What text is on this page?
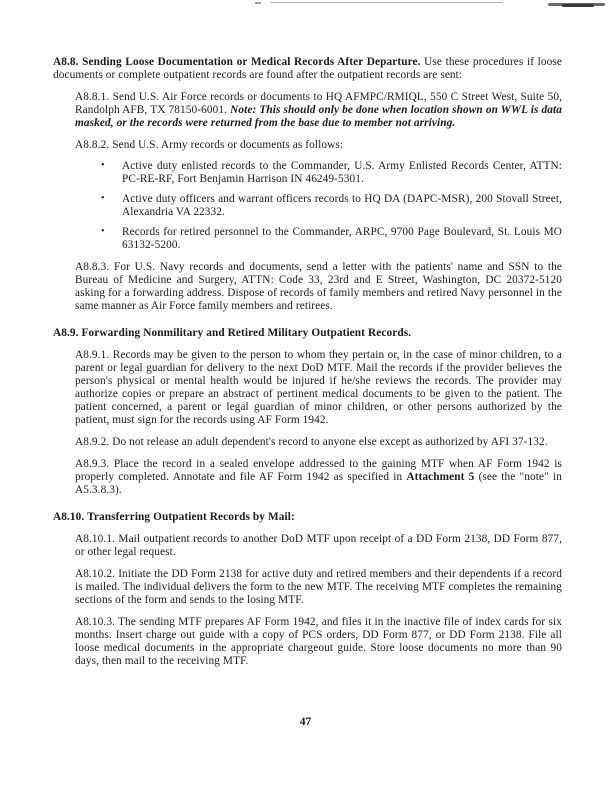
A8.8. Sending Loose Documentation or Medical Records After Departure. Use these procedures if loose documents or complete outpatient records are found after the outpatient records are sent:

A8.8.1. Send U.S. Air Force records or documents to HQ AFMPC/RMIQL, 550 C Street West, Suite 50, Randolph AFB, TX 78150-6001. Note: This should only be done when location shown on WWL is data masked, or the records were returned from the base due to member not arriving.

A8.8.2. Send U.S. Army records or documents as follows:

• Active duty enlisted records to the Commander, U.S. Army Enlisted Records Center, ATTN: PC-RE-RF, Fort Benjamin Harrison IN 46249-5301.
• Active duty officers and warrant officers records to HQ DA (DAPC-MSR), 200 Stovall Street, Alexandria VA 22332.
• Records for retired personnel to the Commander, ARPC, 9700 Page Boulevard, St. Louis MO 63132-5200.

A8.8.3. For U.S. Navy records and documents, send a letter with the patients' name and SSN to the Bureau of Medicine and Surgery, ATTN: Code 33, 23rd and E Street, Washington, DC 20372-5120 asking for a forwarding address. Dispose of records of family members and retired Navy personnel in the same manner as Air Force family members and retirees.

A8.9. Forwarding Nonmilitary and Retired Military Outpatient Records.

A8.9.1. Records may be given to the person to whom they pertain or, in the case of minor children, to a parent or legal guardian for delivery to the next DoD MTF. Mail the records if the provider believes the person's physical or mental health would be injured if he/she reviews the records. The provider may authorize copies or prepare an abstract of pertinent medical documents to be given to the patient. The patient concerned, a parent or legal guardian of minor children, or other persons authorized by the patient, must sign for the records using AF Form 1942.

A8.9.2. Do not release an adult dependent's record to anyone else except as authorized by AFI 37-132.

A8.9.3. Place the record in a sealed envelope addressed to the gaining MTF when AF Form 1942 is properly completed. Annotate and file AF Form 1942 as specified in Attachment 5 (see the "note" in A5.3.8.3).

A8.10. Transferring Outpatient Records by Mail:

A8.10.1. Mail outpatient records to another DoD MTF upon receipt of a DD Form 2138, DD Form 877, or other legal request.

A8.10.2. Initiate the DD Form 2138 for active duty and retired members and their dependents if a record is mailed. The individual delivers the form to the new MTF. The receiving MTF completes the remaining sections of the form and sends to the losing MTF.

A8.10.3. The sending MTF prepares AF Form 1942, and files it in the inactive file of index cards for six months. Insert charge out guide with a copy of PCS orders, DD Form 877, or DD Form 2138. File all loose medical documents in the appropriate chargeout guide. Store loose documents no more than 90 days, then mail to the receiving MTF.

47
